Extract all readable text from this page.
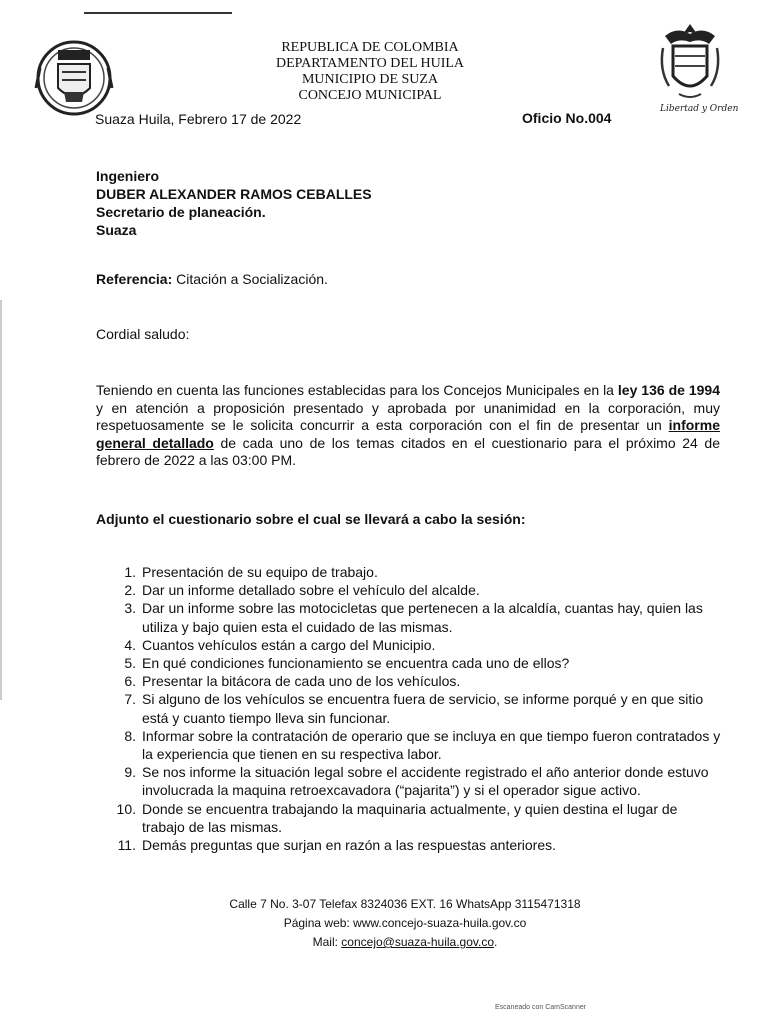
REPUBLICA DE COLOMBIA
DEPARTAMENTO DEL HUILA
MUNICIPIO DE SUZA
CONCEJO MUNICIPAL
Libertad y Orden
Suaza Huila, Febrero 17 de 2022	Oficio No.004
Ingeniero
DUBER ALEXANDER RAMOS CEBALLES
Secretario de planeación.
Suaza
Referencia: Citación a Socialización.
Cordial saludo:
Teniendo en cuenta las funciones establecidas para los Concejos Municipales en la ley 136 de 1994 y en atención a proposición presentado y aprobada por unanimidad en la corporación, muy respetuosamente se le solicita concurrir a esta corporación con el fin de presentar un informe general detallado de cada uno de los temas citados en el cuestionario para el próximo 24 de febrero de 2022 a las 03:00 PM.
Adjunto el cuestionario sobre el cual se llevará a cabo la sesión:
1. Presentación de su equipo de trabajo.
2. Dar un informe detallado sobre el vehículo del alcalde.
3. Dar un informe sobre las motocicletas que pertenecen a la alcaldía, cuantas hay, quien las utiliza y bajo quien esta el cuidado de las mismas.
4. Cuantos vehículos están a cargo del Municipio.
5. En qué condiciones funcionamiento se encuentra cada uno de ellos?
6. Presentar la bitácora de cada uno de los vehículos.
7. Si alguno de los vehículos se encuentra fuera de servicio, se informe porqué y en que sitio está y cuanto tiempo lleva sin funcionar.
8. Informar sobre la contratación de operario que se incluya en que tiempo fueron contratados y la experiencia que tienen en su respectiva labor.
9. Se nos informe la situación legal sobre el accidente registrado el año anterior donde estuvo involucrada la maquina retroexcavadora (“pajarita”) y si el operador sigue activo.
10. Donde se encuentra trabajando la maquinaria actualmente, y quien destina el lugar de trabajo de las mismas.
11. Demás preguntas que surjan en razón a las respuestas anteriores.
Calle 7 No. 3-07 Telefax 8324036 EXT. 16 WhatsApp 3115471318
Página web: www.concejo-suaza-huila.gov.co
Mail: concejo@suaza-huila.gov.co.
Escaneado con CamScanner
